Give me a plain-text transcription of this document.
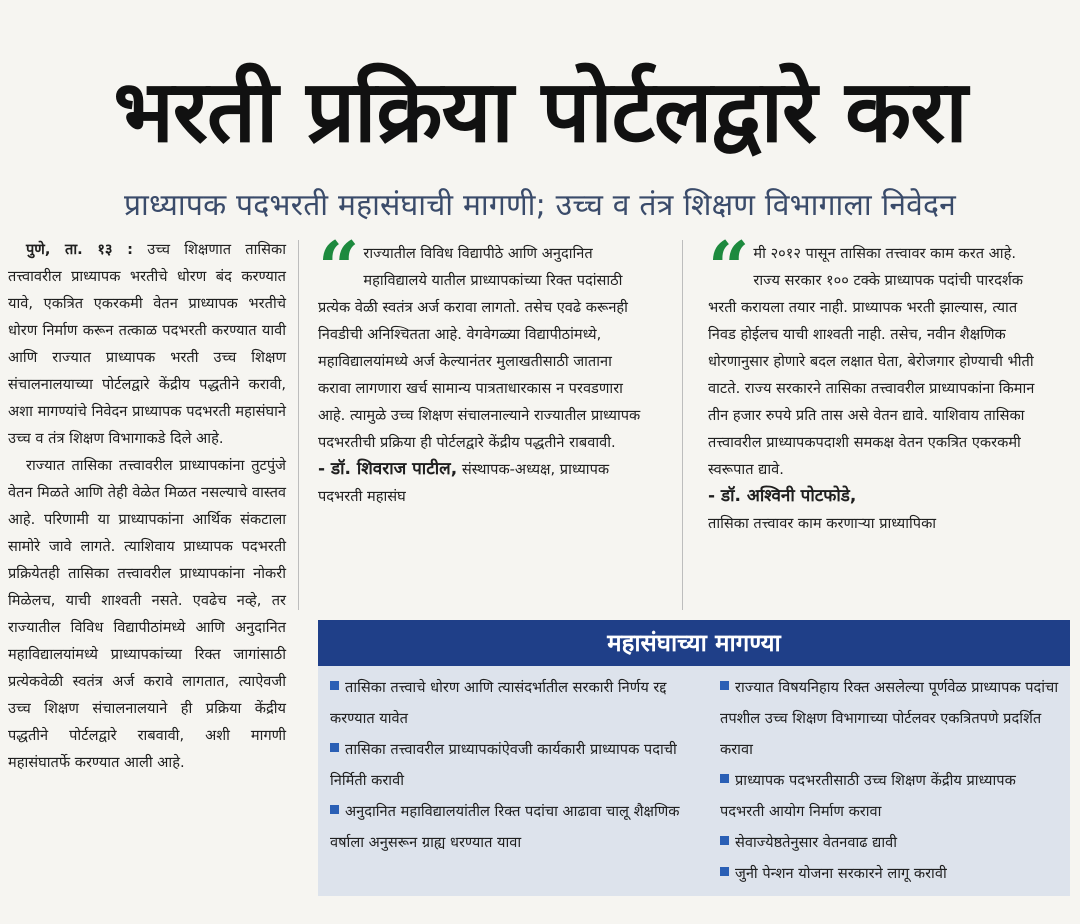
भरती प्रक्रिया पोर्टलद्वारे करा
प्राध्यापक पदभरती महासंघाची मागणी; उच्च व तंत्र शिक्षण विभागाला निवेदन

पुणे, ता. १३ : उच्च शिक्षणात तासिका तत्त्वावरील प्राध्यापक भरतीचे धोरण बंद करण्यात यावे, एकत्रित एकरकमी वेतन प्राध्यापक भरतीचे धोरण निर्माण करून तत्काळ पदभरती करण्यात यावी आणि राज्यात प्राध्यापक भरती उच्च शिक्षण संचालनालयाच्या पोर्टलद्वारे केंद्रीय पद्धतीने करावी, अशा मागण्यांचे निवेदन प्राध्यापक पदभरती महासंघाने उच्च व तंत्र शिक्षण विभागाकडे दिले आहे.

राज्यात तासिका तत्त्वावरील प्राध्यापकांना तुटपुंजे वेतन मिळते आणि तेही वेळेत मिळत नसल्याचे वास्तव आहे. परिणामी या प्राध्यापकांना आर्थिक संकटाला सामोरे जावे लागते. त्याशिवाय प्राध्यापक पदभरती प्रक्रियेतही तासिका तत्त्वावरील प्राध्यापकांना नोकरी मिळेलच, याची शाश्वती नसते. एवढेच नव्हे, तर राज्यातील विविध विद्यापीठांमध्ये आणि अनुदानित महाविद्यालयांमध्ये प्राध्यापकांच्या रिक्त जागांसाठी प्रत्येकवेळी स्वतंत्र अर्ज करावे लागतात, त्याऐवजी उच्च शिक्षण संचालनालयाने ही प्रक्रिया केंद्रीय पद्धतीने पोर्टलद्वारे राबवावी, अशी मागणी महासंघातर्फे करण्यात आली आहे.

“ राज्यातील विविध विद्यापीठे आणि अनुदानित महाविद्यालये यातील प्राध्यापकांच्या रिक्त पदांसाठी प्रत्येक वेळी स्वतंत्र अर्ज करावा लागतो. तसेच एवढे करूनही निवडीची अनिश्चितता आहे. वेगवेगळ्या विद्यापीठांमध्ये, महाविद्यालयांमध्ये अर्ज केल्यानंतर मुलाखतीसाठी जाताना करावा लागणारा खर्च सामान्य पात्रताधारकास न परवडणारा आहे. त्यामुळे उच्च शिक्षण संचालनाल्याने राज्यातील प्राध्यापक पदभरतीची प्रक्रिया ही पोर्टलद्वारे केंद्रीय पद्धतीने राबवावी.

- डॉ. शिवराज पाटील, संस्थापक-अध्यक्ष, प्राध्यापक पदभरती महासंघ

“ मी २०१२ पासून तासिका तत्त्वावर काम करत आहे. राज्य सरकार १०० टक्के प्राध्यापक पदांची पारदर्शक भरती करायला तयार नाही. प्राध्यापक भरती झाल्यास, त्यात निवड होईलच याची शाश्वती नाही. तसेच, नवीन शैक्षणिक धोरणानुसार होणारे बदल लक्षात घेता, बेरोजगार होण्याची भीती वाटते. राज्य सरकारने तासिका तत्त्वावरील प्राध्यापकांना किमान तीन हजार रुपये प्रति तास असे वेतन द्यावे. याशिवाय तासिका तत्त्वावरील प्राध्यापकपदाशी समकक्ष वेतन एकत्रित एकरकमी स्वरूपात द्यावे.

- डॉ. अश्विनी पोटफोडे,

तासिका तत्त्वावर काम करणाऱ्या प्राध्यापिका

महासंघाच्या मागण्या
तासिका तत्त्वाचे धोरण आणि त्यासंदर्भातील सरकारी निर्णय रद्द करण्यात यावेत
तासिका तत्त्वावरील प्राध्यापकांऐवजी कार्यकारी प्राध्यापक पदाची निर्मिती करावी
अनुदानित महाविद्यालयांतील रिक्त पदांचा आढावा चालू शैक्षणिक वर्षाला अनुसरून ग्राह्य धरण्यात यावा
राज्यात विषयनिहाय रिक्त असलेल्या पूर्णवेळ प्राध्यापक पदांचा तपशील उच्च शिक्षण विभागाच्या पोर्टलवर एकत्रितपणे प्रदर्शित करावा
प्राध्यापक पदभरतीसाठी उच्च शिक्षण केंद्रीय प्राध्यापक पदभरती आयोग निर्माण करावा
सेवाज्येष्ठतेनुसार वेतनवाढ द्यावी
जुनी पेन्शन योजना सरकारने लागू करावी
